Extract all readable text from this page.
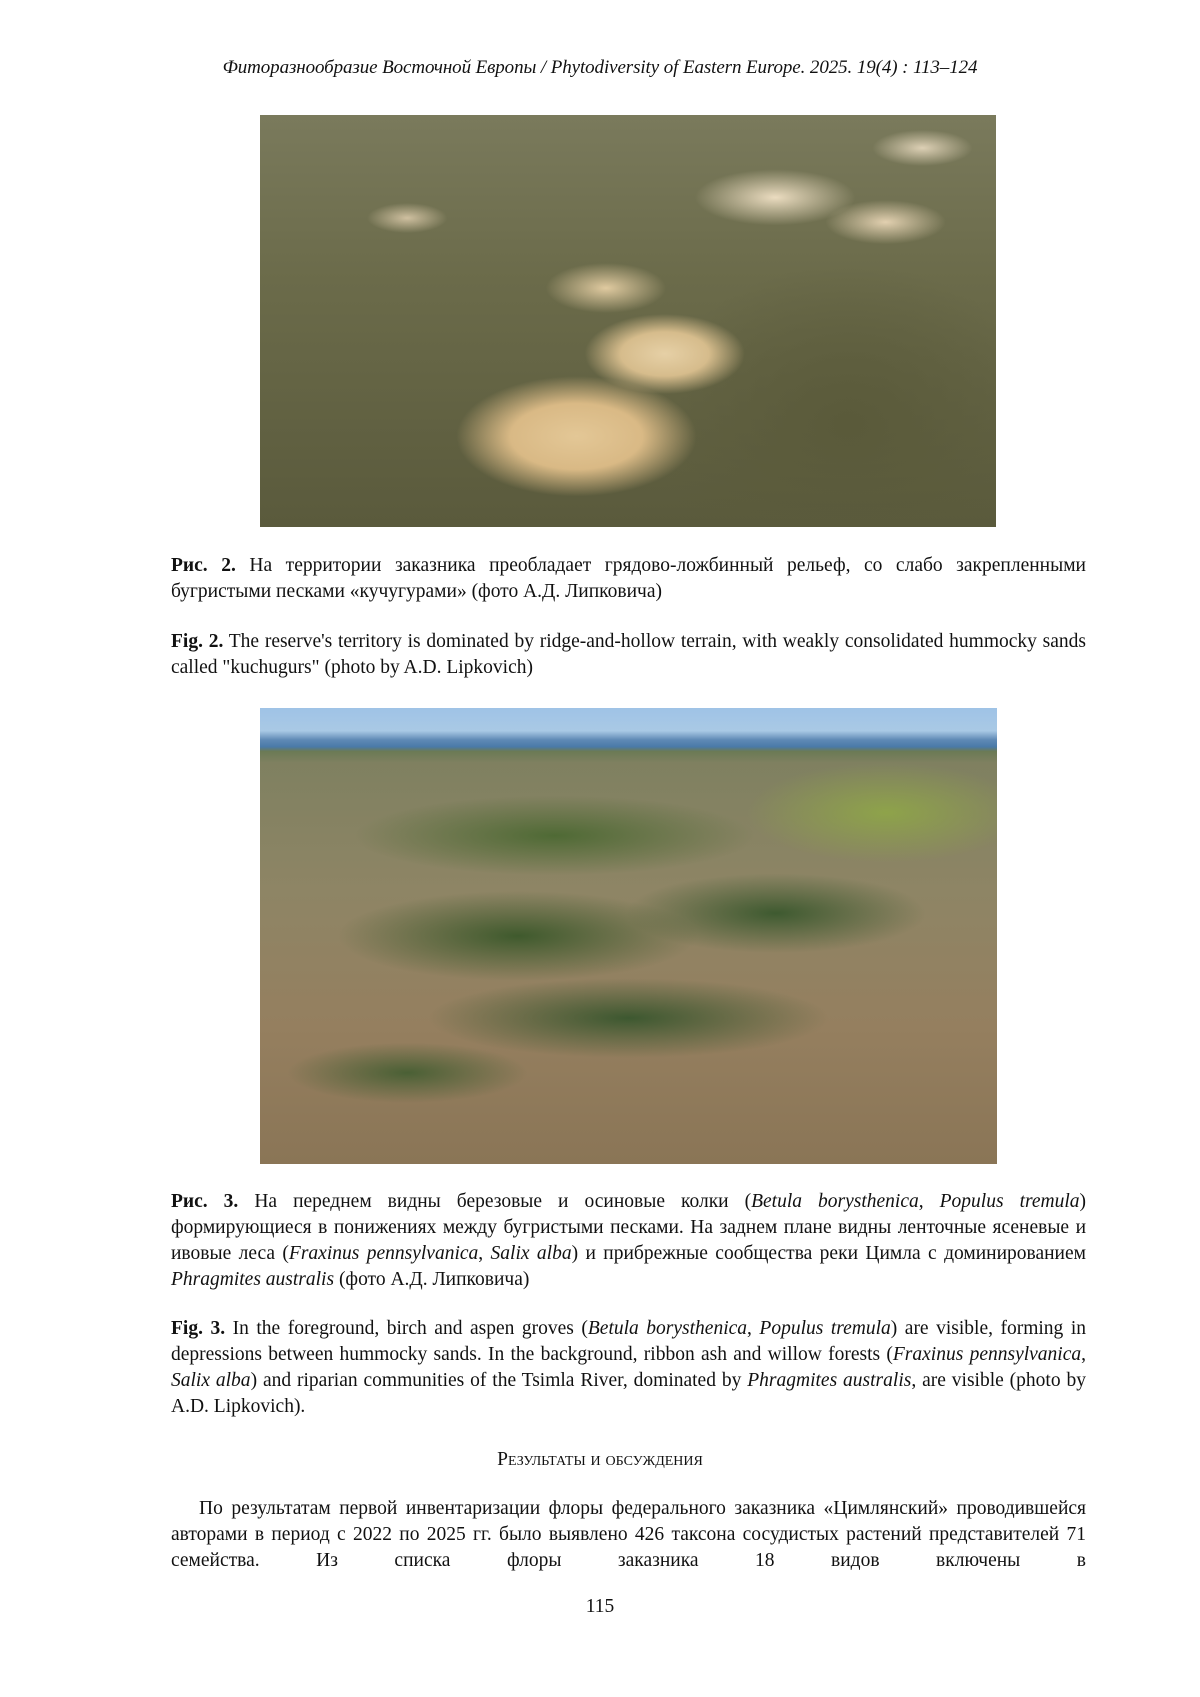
Фиторазнообразие Восточной Европы / Phytodiversity of Eastern Europe. 2025. 19(4) : 113–124
Рис. 2. На территории заказника преобладает грядово-ложбинный рельеф, со слабо закрепленными бугристыми песками «кучугурами» (фото А.Д. Липковича)
Fig. 2. The reserve's territory is dominated by ridge-and-hollow terrain, with weakly consolidated hummocky sands called "kuchugurs" (photo by A.D. Lipkovich)
Рис. 3. На переднем видны березовые и осиновые колки (Betula borysthenica, Populus tremula) формирующиеся в понижениях между бугристыми песками. На заднем плане видны ленточные ясеневые и ивовые леса (Fraxinus pennsylvanica, Salix alba) и прибрежные сообщества реки Цимла с доминированием Phragmites australis (фото А.Д. Липковича)
Fig. 3. In the foreground, birch and aspen groves (Betula borysthenica, Populus tremula) are visible, forming in depressions between hummocky sands. In the background, ribbon ash and willow forests (Fraxinus pennsylvanica, Salix alba) and riparian communities of the Tsimla River, dominated by Phragmites australis, are visible (photo by A.D. Lipkovich).
Результаты и обсуждения
По результатам первой инвентаризации флоры федерального заказника «Цимлянский» проводившейся авторами в период с 2022 по 2025 гг. было выявлено 426 таксона сосудистых растений представителей 71 семейства. Из списка флоры заказника 18 видов включены в
115
